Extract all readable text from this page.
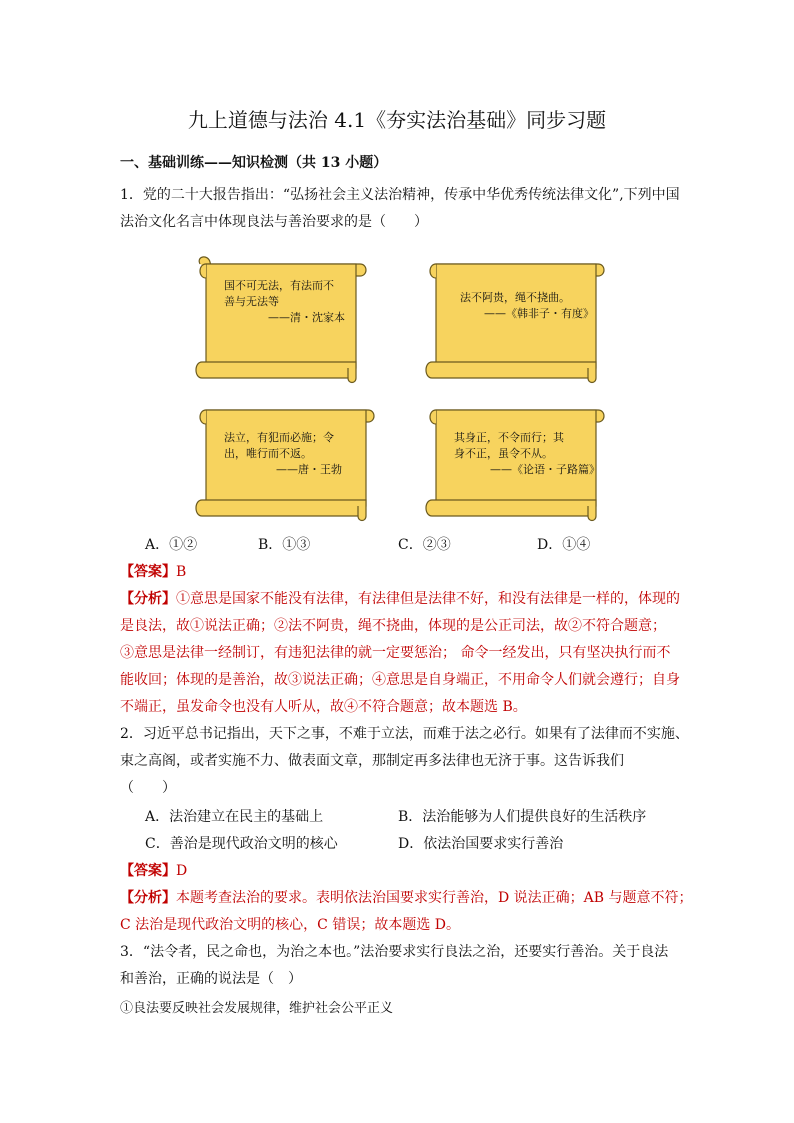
九上道德与法治 4.1《夯实法治基础》同步习题
一、基础训练——知识检测（共 13 小题）
1．党的二十大报告指出：“弘扬社会主义法治精神，传承中华优秀传统法律文化”,下列中国
法治文化名言中体现良法与善治要求的是（　　）
国不可无法，有法而不
善与无法等
——清・沈家本
法不阿贵，绳不挠曲。
——《韩非子・有度》
法立，有犯而必施；令
出，唯行而不返。
——唐・王勃
其身正，不令而行；其
身不正，虽令不从。
——《论语・子路篇》
A．①②	B．①③	C．②③	D．①④
【答案】B
【分析】①意思是国家不能没有法律，有法律但是法律不好，和没有法律是一样的，体现的
是良法，故①说法正确；②法不阿贵，绳不挠曲，体现的是公正司法，故②不符合题意；
③意思是法律一经制订，有违犯法律的就一定要惩治； 命令一经发出，只有坚决执行而不
能收回；体现的是善治，故③说法正确；④意思是自身端正，不用命令人们就会遵行；自身
不端正，虽发命令也没有人听从，故④不符合题意；故本题选 B。
2．习近平总书记指出，天下之事，不难于立法，而难于法之必行。如果有了法律而不实施、
束之高阁，或者实施不力、做表面文章，那制定再多法律也无济于事。这告诉我们
（　　）
A．法治建立在民主的基础上	B．法治能够为人们提供良好的生活秩序
C．善治是现代政治文明的核心	D．依法治国要求实行善治
【答案】D
【分析】本题考查法治的要求。表明依法治国要求实行善治，D 说法正确；AB 与题意不符；
C 法治是现代政治文明的核心，C 错误；故本题选 D。
3．“法令者，民之命也，为治之本也。”法治要求实行良法之治，还要实行善治。关于良法
和善治，正确的说法是（　）
①良法要反映社会发展规律，维护社会公平正义
